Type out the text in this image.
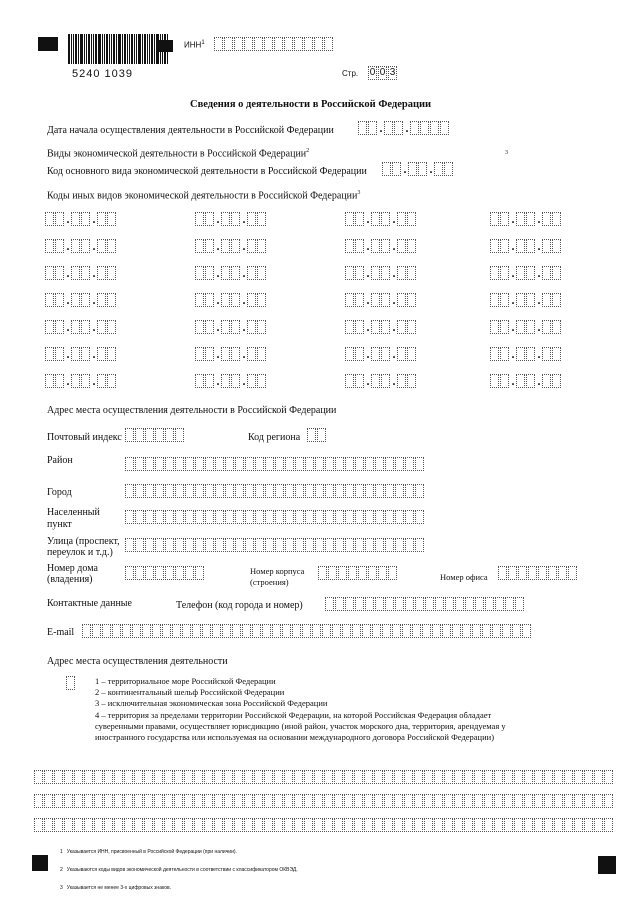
5240 1039
ИНН$^1$
Стр. 0 0 3
Сведения о деятельности в Российской Федерации
Дата начала осуществления деятельности в Российской Федерации	. .
Виды экономической деятельности в Российской Федерации$^2$
Код основного вида экономической деятельности в Российской Федерации
3
. .
Коды иных видов экономической деятельности в Российской Федерации$^3$
. .	. .	. .	. .
. .	. .	. .	. .
. .	. .	. .	. .
. .	. .	. .	. .
. .	. .	. .	. .
. .	. .	. .	. .
. .	. .	. .	. .
Адрес места осуществления деятельности в Российской Федерации
Почтовый индекс	Код региона
Район
Город
Населенный
пункт
Улица (проспект,
переулок и т.д.)
Номер дома
(владения)
Номер корпуса
(строения)	Номер офиса
Контактные данные	Телефон (код города и номер)
E-mail
Адрес места осуществления деятельности
1 – территориальное море Российской Федерации
2 – континентальный шельф Российской Федерации
3 – исключительная экономическая зона Российской Федерации
4 – территория за пределами территории Российской Федерации, на которой Российская Федерация обладает
суверенными правами, осуществляет юрисдикцию (иной район, участок морского дна, территория, арендуемая у
иностранного государства или используемая на основании международного договора Российской Федерации)
1 Указывается ИНН, присвоенный в Российской Федерации (при наличии).
2 Указываются коды видов экономической деятельности в соответствии с классификатором ОКВЭД.
3 Указывается не менее 3-х цифровых знаков.
